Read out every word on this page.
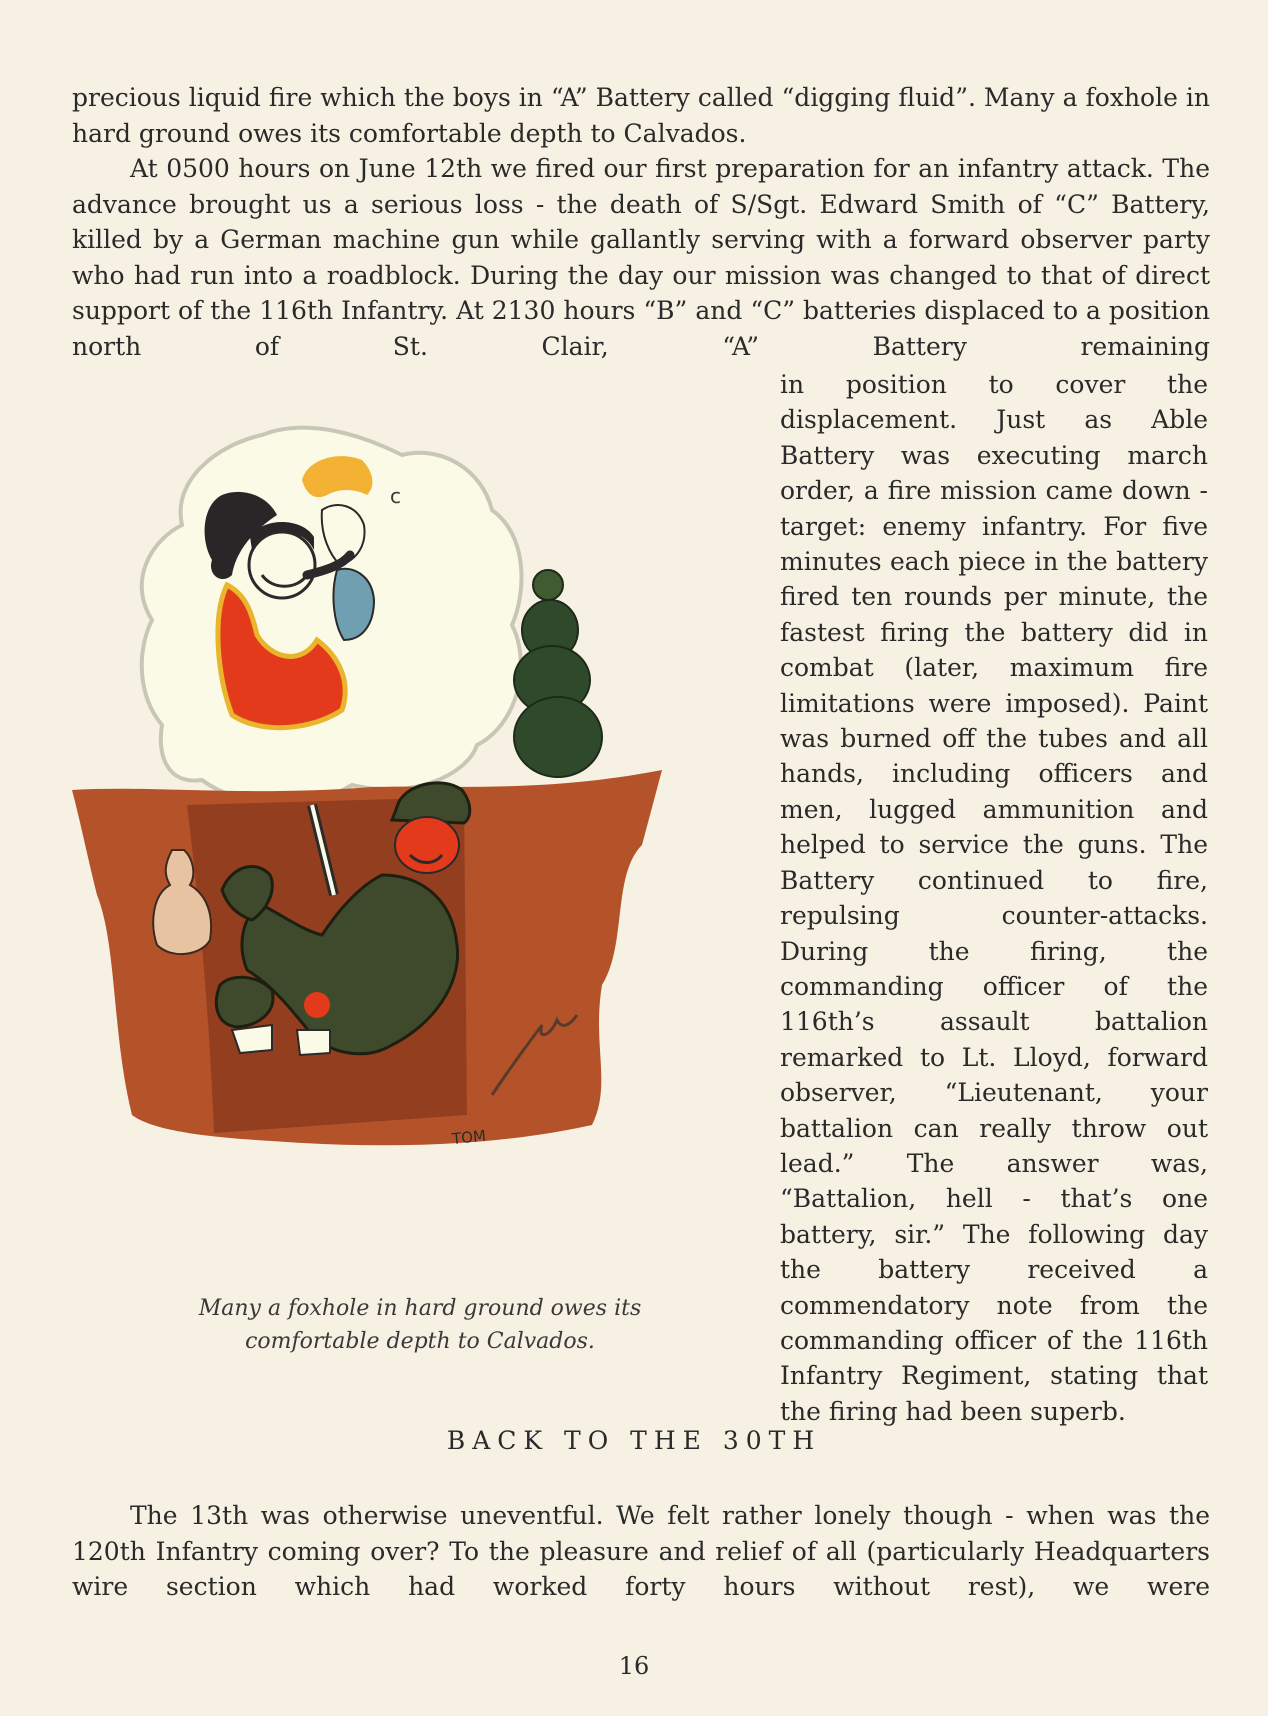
precious liquid fire which the boys in “A” Battery called “digging fluid”. Many a foxhole in hard ground owes its comfortable depth to Calvados.

At 0500 hours on June 12th we fired our first preparation for an infantry attack. The advance brought us a serious loss - the death of S/Sgt. Edward Smith of “C” Battery, killed by a German machine gun while gallantly serving with a forward observer party who had run into a roadblock. During the day our mission was changed to that of direct support of the 116th Infantry. At 2130 hours “B” and “C” batteries displaced to a position north of St. Clair, “A” Battery remaining

in position to cover the displacement. Just as Able Battery was executing march order, a fire mission came down - target: enemy infantry. For five minutes each piece in the battery fired ten rounds per minute, the fastest firing the battery did in combat (later, maximum fire limitations were imposed). Paint was burned off the tubes and all hands, including officers and men, lugged ammunition and helped to service the guns. The Battery continued to fire, repulsing counter-attacks. During the firing, the commanding officer of the 116th’s assault battalion remarked to Lt. Lloyd, forward observer, “Lieutenant, your battalion can really throw out lead.” The answer was, “Battalion, hell - that’s one battery, sir.” The following day the battery received a commendatory note from the commanding officer of the 116th Infantry Regiment, stating that the firing had been superb.

c
TOM

Many a foxhole in hard ground owes its comfortable depth to Calvados.

BACK TO THE 30TH

The 13th was otherwise uneventful. We felt rather lonely though - when was the 120th Infantry coming over? To the pleasure and relief of all (particularly Headquarters wire section which had worked forty hours without rest), we were

16
